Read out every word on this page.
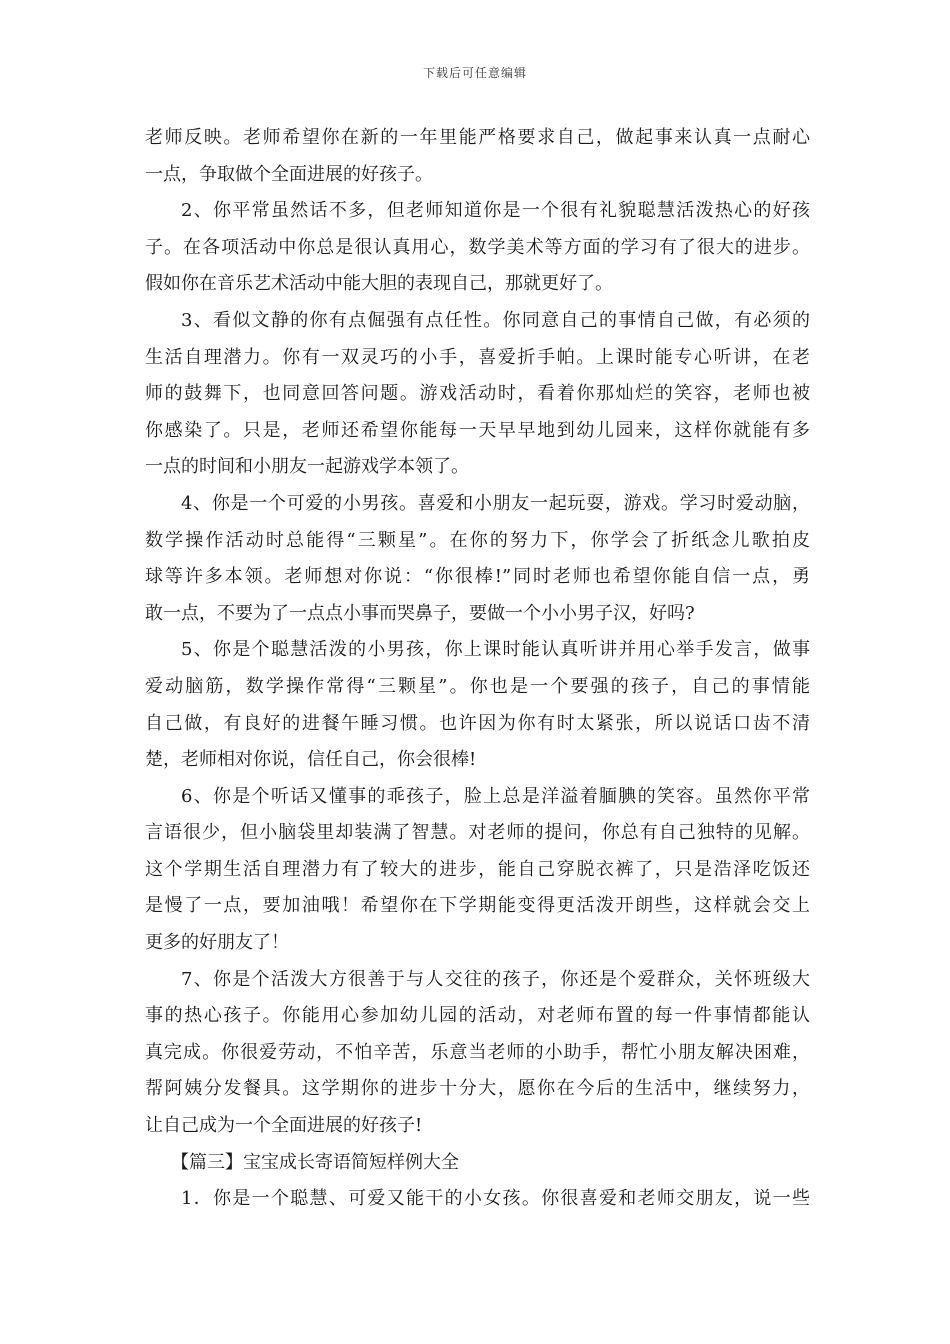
下载后可任意编辑
老师反映。老师希望你在新的一年里能严格要求自己，做起事来认真一点耐心
一点，争取做个全面进展的好孩子。
2、你平常虽然话不多，但老师知道你是一个很有礼貌聪慧活泼热心的好孩
子。在各项活动中你总是很认真用心，数学美术等方面的学习有了很大的进步。
假如你在音乐艺术活动中能大胆的表现自己，那就更好了。
3、看似文静的你有点倔强有点任性。你同意自己的事情自己做，有必须的
生活自理潜力。你有一双灵巧的小手，喜爱折手帕。上课时能专心听讲，在老
师的鼓舞下，也同意回答问题。游戏活动时，看着你那灿烂的笑容，老师也被
你感染了。只是，老师还希望你能每一天早早地到幼儿园来，这样你就能有多
一点的时间和小朋友一起游戏学本领了。
4、你是一个可爱的小男孩。喜爱和小朋友一起玩耍，游戏。学习时爱动脑，
数学操作活动时总能得“三颗星”。在你的努力下，你学会了折纸念儿歌拍皮
球等许多本领。老师想对你说：“你很棒!”同时老师也希望你能自信一点，勇
敢一点，不要为了一点点小事而哭鼻子，要做一个小小男子汉，好吗?
5、你是个聪慧活泼的小男孩，你上课时能认真听讲并用心举手发言，做事
爱动脑筋，数学操作常得“三颗星”。你也是一个要强的孩子，自己的事情能
自己做，有良好的进餐午睡习惯。也许因为你有时太紧张，所以说话口齿不清
楚，老师相对你说，信任自己，你会很棒!
6、你是个听话又懂事的乖孩子，脸上总是洋溢着腼腆的笑容。虽然你平常
言语很少，但小脑袋里却装满了智慧。对老师的提问，你总有自己独特的见解。
这个学期生活自理潜力有了较大的进步，能自己穿脱衣裤了，只是浩泽吃饭还
是慢了一点，要加油哦！希望你在下学期能变得更活泼开朗些，这样就会交上
更多的好朋友了！
7、你是个活泼大方很善于与人交往的孩子，你还是个爱群众，关怀班级大
事的热心孩子。你能用心参加幼儿园的活动，对老师布置的每一件事情都能认
真完成。你很爱劳动，不怕辛苦，乐意当老师的小助手，帮忙小朋友解决困难，
帮阿姨分发餐具。这学期你的进步十分大，愿你在今后的生活中，继续努力，
让自己成为一个全面进展的好孩子!
【篇三】宝宝成长寄语简短样例大全
1．你是一个聪慧、可爱又能干的小女孩。你很喜爱和老师交朋友，说一些
